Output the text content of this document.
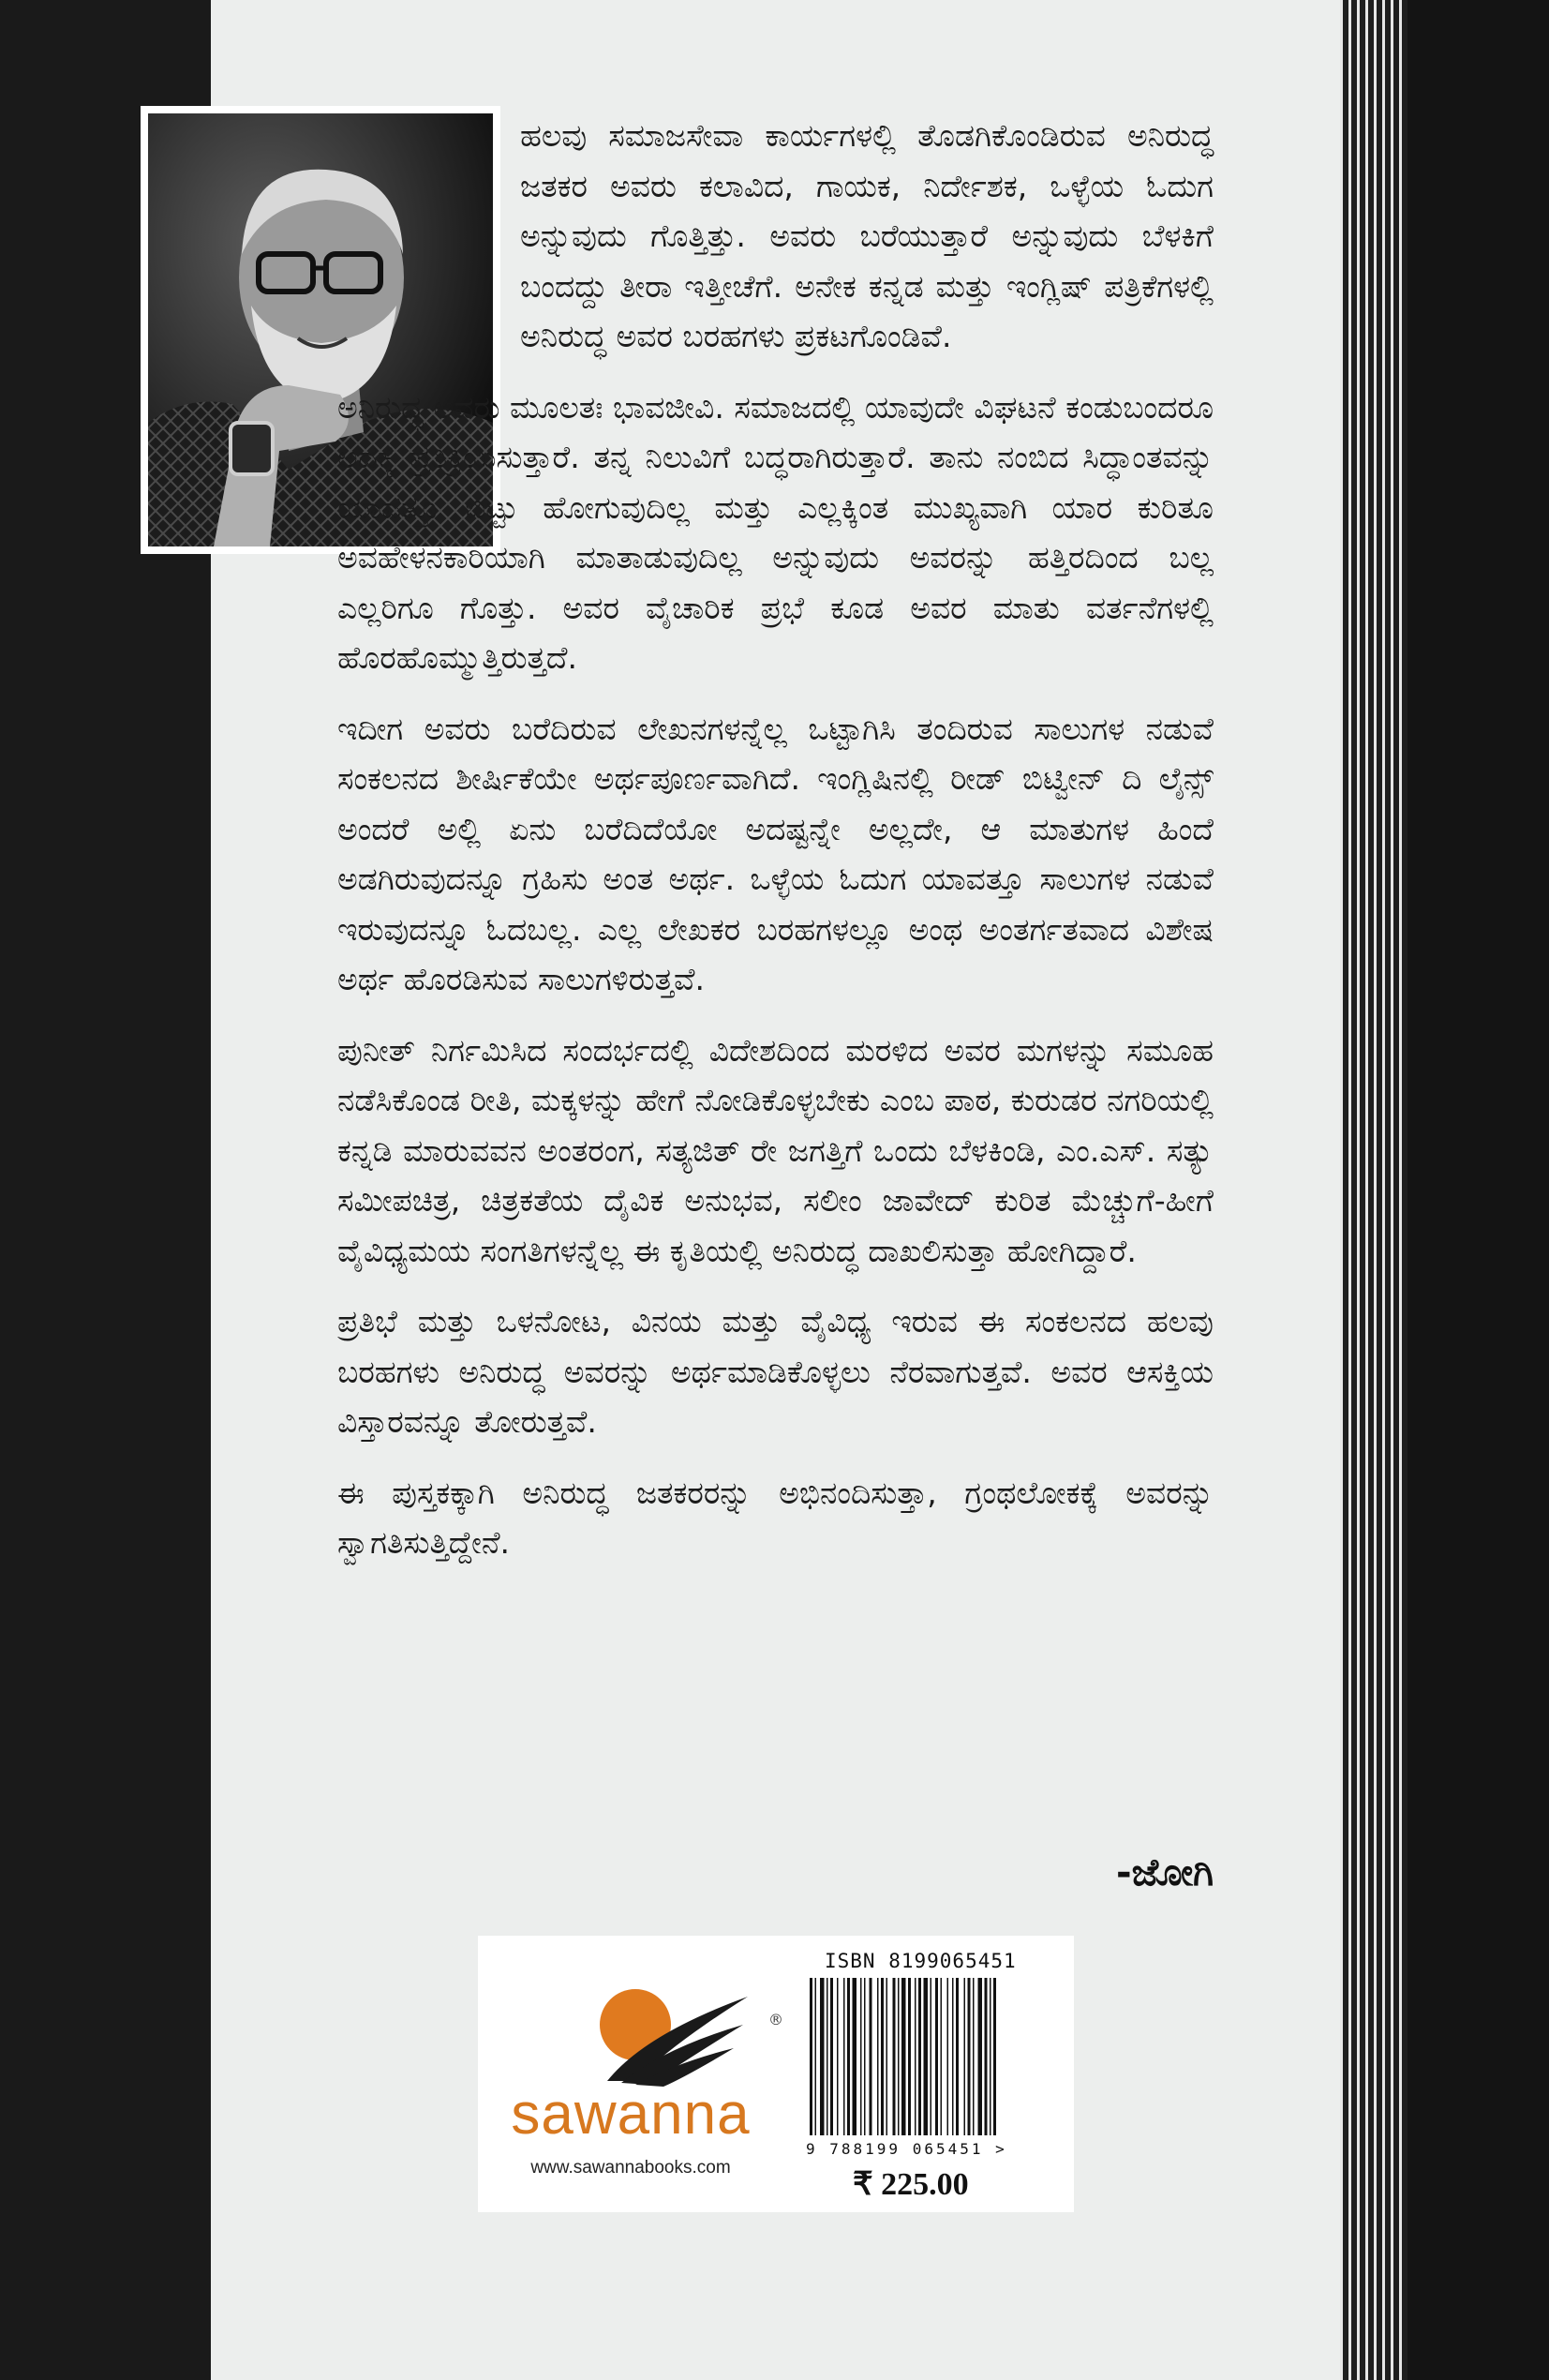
ಹಲವು ಸಮಾಜಸೇವಾ ಕಾರ್ಯಗಳಲ್ಲಿ ತೊಡಗಿಕೊಂಡಿರುವ ಅನಿರುದ್ಧ ಜತಕರ ಅವರು ಕಲಾವಿದ, ಗಾಯಕ, ನಿರ್ದೇಶಕ, ಒಳ್ಳೆಯ ಓದುಗ ಅನ್ನುವುದು ಗೊತ್ತಿತ್ತು. ಅವರು ಬರೆಯುತ್ತಾರೆ ಅನ್ನುವುದು ಬೆಳಕಿಗೆ ಬಂದದ್ದು ತೀರಾ ಇತ್ತೀಚೆಗೆ. ಅನೇಕ ಕನ್ನಡ ಮತ್ತು ಇಂಗ್ಲಿಷ್ ಪತ್ರಿಕೆಗಳಲ್ಲಿ ಅನಿರುದ್ಧ ಅವರ ಬರಹಗಳು ಪ್ರಕಟಗೊಂಡಿವೆ.

ಅನಿರುದ್ಧ ಅವರು ಮೂಲತಃ ಭಾವಜೀವಿ. ಸಮಾಜದಲ್ಲಿ ಯಾವುದೇ ವಿಘಟನೆ ಕಂಡುಬಂದರೂ ಅದಕ್ಕೆ ಪ್ರತಿಕ್ರಿಯಿಸುತ್ತಾರೆ. ತನ್ನ ನಿಲುವಿಗೆ ಬದ್ಧರಾಗಿರುತ್ತಾರೆ. ತಾನು ನಂಬಿದ ಸಿದ್ಧಾಂತವನ್ನು ಯಾವತ್ತೂ ಬಿಟ್ಟು ಹೋಗುವುದಿಲ್ಲ ಮತ್ತು ಎಲ್ಲಕ್ಕಿಂತ ಮುಖ್ಯವಾಗಿ ಯಾರ ಕುರಿತೂ ಅವಹೇಳನಕಾರಿಯಾಗಿ ಮಾತಾಡುವುದಿಲ್ಲ ಅನ್ನುವುದು ಅವರನ್ನು ಹತ್ತಿರದಿಂದ ಬಲ್ಲ ಎಲ್ಲರಿಗೂ ಗೊತ್ತು. ಅವರ ವೈಚಾರಿಕ ಪ್ರಭೆ ಕೂಡ ಅವರ ಮಾತು ವರ್ತನೆಗಳಲ್ಲಿ ಹೊರಹೊಮ್ಮುತ್ತಿರುತ್ತದೆ.

ಇದೀಗ ಅವರು ಬರೆದಿರುವ ಲೇಖನಗಳನ್ನೆಲ್ಲ ಒಟ್ಟಾಗಿಸಿ ತಂದಿರುವ ಸಾಲುಗಳ ನಡುವೆ ಸಂಕಲನದ ಶೀರ್ಷಿಕೆಯೇ ಅರ್ಥಪೂರ್ಣವಾಗಿದೆ. ಇಂಗ್ಲಿಷಿನಲ್ಲಿ ರೀಡ್ ಬಿಟ್ವೀನ್ ದಿ ಲೈನ್ಸ್ ಅಂದರೆ ಅಲ್ಲಿ ಏನು ಬರೆದಿದೆಯೋ ಅದಷ್ಟನ್ನೇ ಅಲ್ಲದೇ, ಆ ಮಾತುಗಳ ಹಿಂದೆ ಅಡಗಿರುವುದನ್ನೂ ಗ್ರಹಿಸು ಅಂತ ಅರ್ಥ. ಒಳ್ಳೆಯ ಓದುಗ ಯಾವತ್ತೂ ಸಾಲುಗಳ ನಡುವೆ ಇರುವುದನ್ನೂ ಓದಬಲ್ಲ. ಎಲ್ಲ ಲೇಖಕರ ಬರಹಗಳಲ್ಲೂ ಅಂಥ ಅಂತರ್ಗತವಾದ ವಿಶೇಷ ಅರ್ಥ ಹೊರಡಿಸುವ ಸಾಲುಗಳಿರುತ್ತವೆ.

ಪುನೀತ್ ನಿರ್ಗಮಿಸಿದ ಸಂದರ್ಭದಲ್ಲಿ ವಿದೇಶದಿಂದ ಮರಳಿದ ಅವರ ಮಗಳನ್ನು ಸಮೂಹ ನಡೆಸಿಕೊಂಡ ರೀತಿ, ಮಕ್ಕಳನ್ನು ಹೇಗೆ ನೋಡಿಕೊಳ್ಳಬೇಕು ಎಂಬ ಪಾಠ, ಕುರುಡರ ನಗರಿಯಲ್ಲಿ ಕನ್ನಡಿ ಮಾರುವವನ ಅಂತರಂಗ, ಸತ್ಯಜಿತ್ ರೇ ಜಗತ್ತಿಗೆ ಒಂದು ಬೆಳಕಿಂಡಿ, ಎಂ.ಎಸ್. ಸತ್ಯು ಸಮೀಪಚಿತ್ರ, ಚಿತ್ರಕತೆಯ ದೈವಿಕ ಅನುಭವ, ಸಲೀಂ ಜಾವೇದ್ ಕುರಿತ ಮೆಚ್ಚುಗೆ-ಹೀಗೆ ವೈವಿಧ್ಯಮಯ ಸಂಗತಿಗಳನ್ನೆಲ್ಲ ಈ ಕೃತಿಯಲ್ಲಿ ಅನಿರುದ್ಧ ದಾಖಲಿಸುತ್ತಾ ಹೋಗಿದ್ದಾರೆ.

ಪ್ರತಿಭೆ ಮತ್ತು ಒಳನೋಟ, ವಿನಯ ಮತ್ತು ವೈವಿಧ್ಯ ಇರುವ ಈ ಸಂಕಲನದ ಹಲವು ಬರಹಗಳು ಅನಿರುದ್ಧ ಅವರನ್ನು ಅರ್ಥಮಾಡಿಕೊಳ್ಳಲು ನೆರವಾಗುತ್ತವೆ. ಅವರ ಆಸಕ್ತಿಯ ವಿಸ್ತಾರವನ್ನೂ ತೋರುತ್ತವೆ.

ಈ ಪುಸ್ತಕಕ್ಕಾಗಿ ಅನಿರುದ್ಧ ಜತಕರರನ್ನು ಅಭಿನಂದಿಸುತ್ತಾ, ಗ್ರಂಥಲೋಕಕ್ಕೆ ಅವರನ್ನು ಸ್ವಾಗತಿಸುತ್ತಿದ್ದೇನೆ.

-ಜೋಗಿ
sawanna
www.sawannabooks.com
®
ISBN 8199065451
9 788199 065451 >
₹ 225.00
